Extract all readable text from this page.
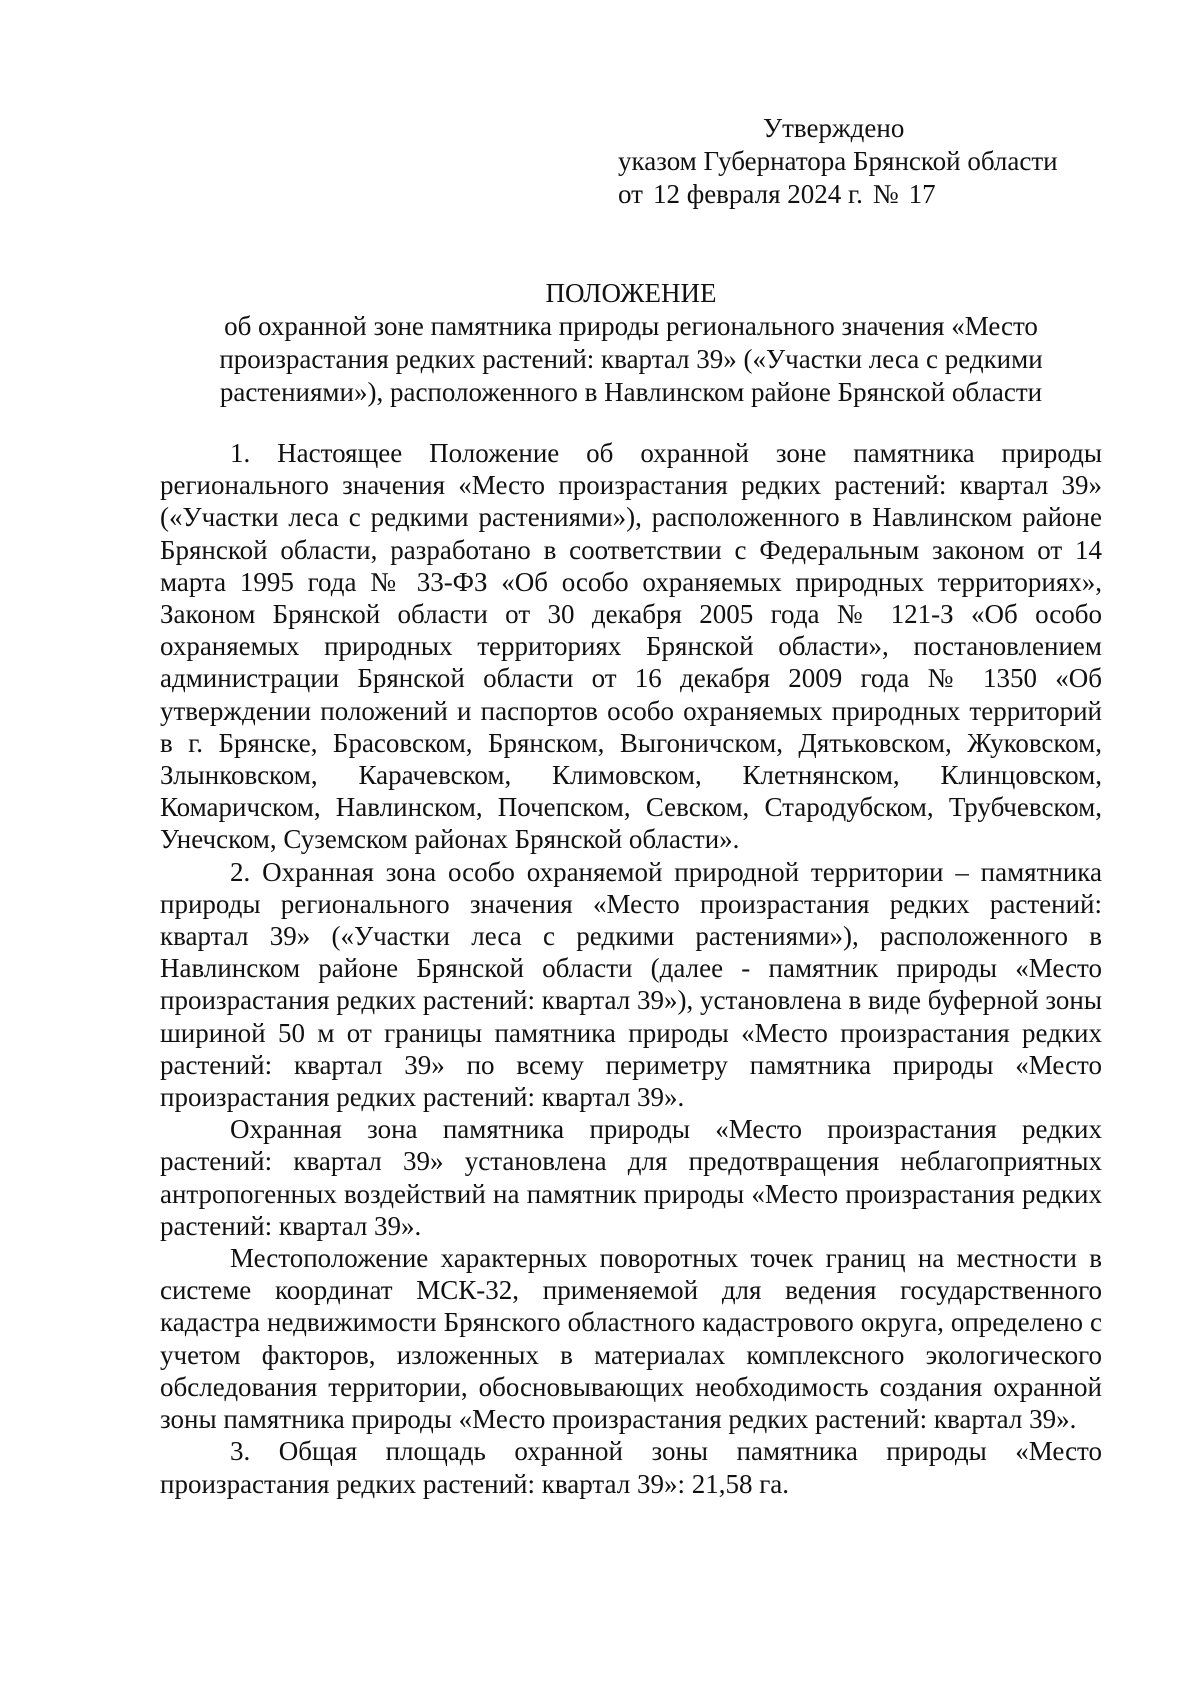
Утверждено
указом Губернатора Брянской области
от 12 февраля 2024 г. № 17
ПОЛОЖЕНИЕ
об охранной зоне памятника природы регионального значения «Место
произрастания редких растений: квартал 39» («Участки леса с редкими
растениями»), расположенного в Навлинском районе Брянской области

1. Настоящее Положение об охранной зоне памятника природы регионального значения «Место произрастания редких растений: квартал 39» («Участки леса с редкими растениями»), расположенного в Навлинском районе Брянской области, разработано в соответствии с Федеральным законом от 14 марта 1995 года № 33-ФЗ «Об особо охраняемых природных территориях», Законом Брянской области от 30 декабря 2005 года № 121-З «Об особо охраняемых природных территориях Брянской области», постановлением администрации Брянской области от 16 декабря 2009 года № 1350 «Об утверждении положений и паспортов особо охраняемых природных территорий в г. Брянске, Брасовском, Брянском, Выгоничском, Дятьковском, Жуковском, Злынковском, Карачевском, Климовском, Клетнянском, Клинцовском, Комаричском, Навлинском, Почепском, Севском, Стародубском, Трубчевском, Унечском, Суземском районах Брянской области».

2. Охранная зона особо охраняемой природной территории – памятника природы регионального значения «Место произрастания редких растений: квартал 39» («Участки леса с редкими растениями»), расположенного в Навлинском районе Брянской области (далее - памятник природы «Место произрастания редких растений: квартал 39»), установлена в виде буферной зоны шириной 50 м от границы памятника природы «Место произрастания редких растений: квартал 39» по всему периметру памятника природы «Место произрастания редких растений: квартал 39».

Охранная зона памятника природы «Место произрастания редких растений: квартал 39» установлена для предотвращения неблагоприятных антропогенных воздействий на памятник природы «Место произрастания редких растений: квартал 39».

Местоположение характерных поворотных точек границ на местности в системе координат МСК-32, применяемой для ведения государственного кадастра недвижимости Брянского областного кадастрового округа, определено с учетом факторов, изложенных в материалах комплексного экологического обследования территории, обосновывающих необходимость создания охранной зоны памятника природы «Место произрастания редких растений: квартал 39».

3. Общая площадь охранной зоны памятника природы «Место произрастания редких растений: квартал 39»: 21,58 га.
